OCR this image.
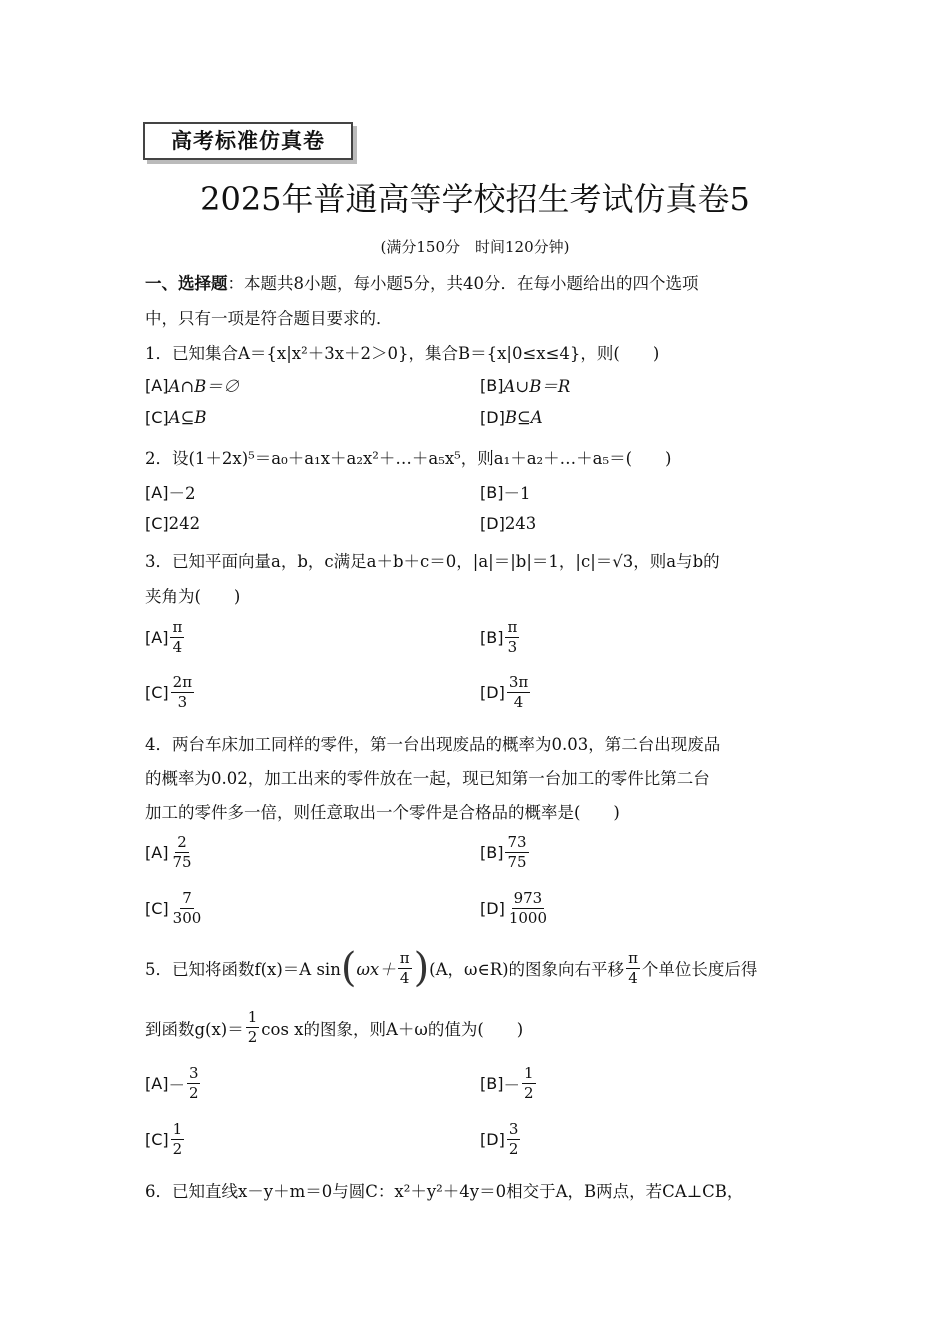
高考标准仿真卷
2025年普通高等学校招生考试仿真卷5
(满分150分　时间120分钟)
一、选择题：本题共8小题，每小题5分，共40分．在每小题给出的四个选项
中，只有一项是符合题目要求的．
1．已知集合A＝{x|x²＋3x＋2＞0}，集合B＝{x|0≤x≤4}，则(　　)
[A] A∩B＝∅	[B] A∪B＝R
[C] A⊆B	[D] B⊆A
2．设(1＋2x)⁵＝a₀＋a₁x＋a₂x²＋…＋a₅x⁵，则a₁＋a₂＋…＋a₅＝(　　)
[A] －2	[B] －1
[C] 242	[D] 243
3．已知平面向量a，b，c满足a＋b＋c＝0，|a|＝|b|＝1，|c|＝√3，则a与b的
夹角为(　　)
$[A] \frac{\pi}{4}$	$[B] \frac{\pi}{3}$
$[C] \frac{2\pi}{3}$	$[D] \frac{3\pi}{4}$
4．两台车床加工同样的零件，第一台出现废品的概率为0.03，第二台出现废品
的概率为0.02，加工出来的零件放在一起，现已知第一台加工的零件比第二台
加工的零件多一倍，则任意取出一个零件是合格品的概率是(　　)
$[A] \frac{2}{75}$	$[B] \frac{73}{75}$
$[C] \frac{7}{300}$	$[D] \frac{973}{1000}$
5．已知将函数f(x)＝A sin ( $\omega x+ \frac{\pi}{4}$ ) (A，ω∈R)的图象向右平移 $\frac{\pi}{4}$ 个单位长度后得
到函数$g(x)= \frac{1}{2}$ cos x的图象，则A＋ω的值为(　　)
$[A] - \frac{3}{2}$	$[B] - \frac{1}{2}$
$[C] \frac{1}{2}$	$[D] \frac{3}{2}$
6．已知直线x－y＋m＝0与圆C：x²＋y²＋4y＝0相交于A，B两点，若CA⊥CB，
